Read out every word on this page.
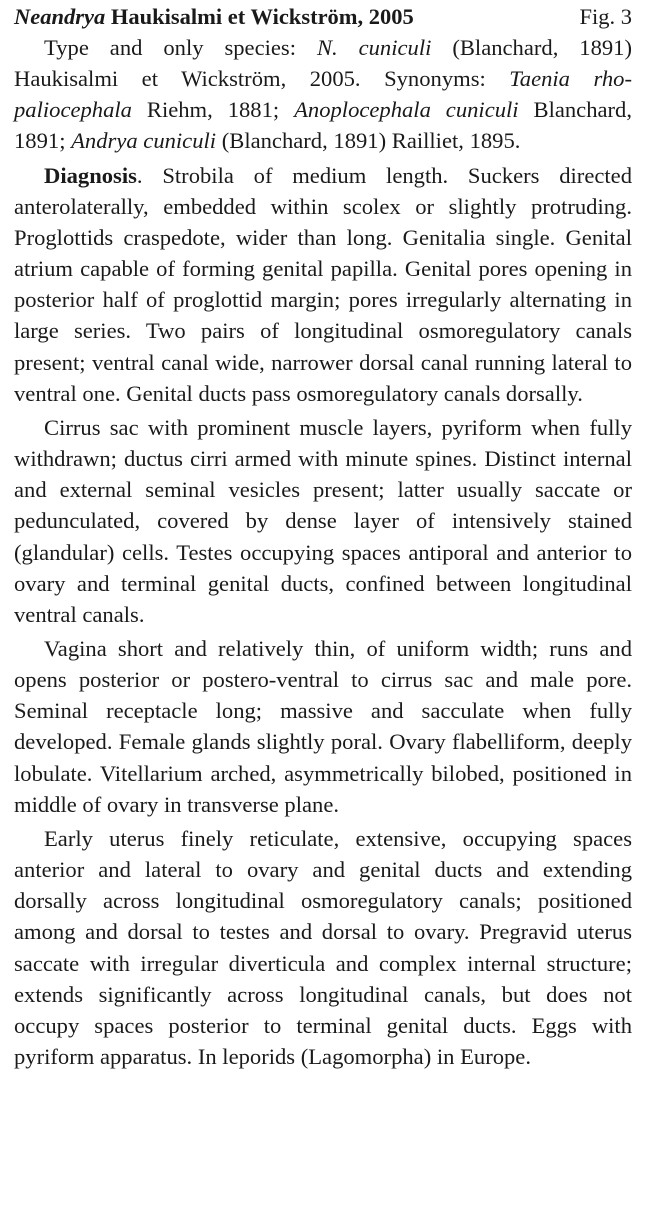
Neandrya Haukisalmi et Wickström, 2005	Fig. 3

Type and only species: N. cuniculi (Blanchard, 1891) Haukisalmi et Wickström, 2005. Synonyms: Taenia rhopaliocephala Riehm, 1881; Anoplocephala cuniculi Blanchard, 1891; Andrya cuniculi (Blanchard, 1891) Railliet, 1895.

Diagnosis. Strobila of medium length. Suckers directed anterolaterally, embedded within scolex or slightly protruding. Proglottids craspedote, wider than long. Genitalia single. Genital atrium capable of forming genital papilla. Genital pores opening in posterior half of proglottid margin; pores irregularly alternating in large series. Two pairs of longitudinal osmoregulatory canals present; ventral canal wide, narrower dorsal canal running lateral to ventral one. Genital ducts pass osmoregulatory canals dorsally.

Cirrus sac with prominent muscle layers, pyriform when fully withdrawn; ductus cirri armed with minute spines. Distinct internal and external seminal vesicles present; latter usually saccate or pedunculated, covered by dense layer of intensively stained (glandular) cells. Testes occupying spaces antiporal and anterior to ovary and terminal genital ducts, confined between longitudinal ventral canals.

Vagina short and relatively thin, of uniform width; runs and opens posterior or postero-ventral to cirrus sac and male pore. Seminal receptacle long; massive and sacculate when fully developed. Female glands slightly poral. Ovary flabelliform, deeply lobulate. Vitellarium arched, asymmetrically bilobed, positioned in middle of ovary in transverse plane.

Early uterus finely reticulate, extensive, occupying spaces anterior and lateral to ovary and genital ducts and extending dorsally across longitudinal osmoregulatory canals; positioned among and dorsal to testes and dorsal to ovary. Pregravid uterus saccate with irregular diverticula and complex internal structure; extends significantly across longitudinal canals, but does not occupy spaces posterior to terminal genital ducts. Eggs with pyriform apparatus. In leporids (Lagomorpha) in Europe.
